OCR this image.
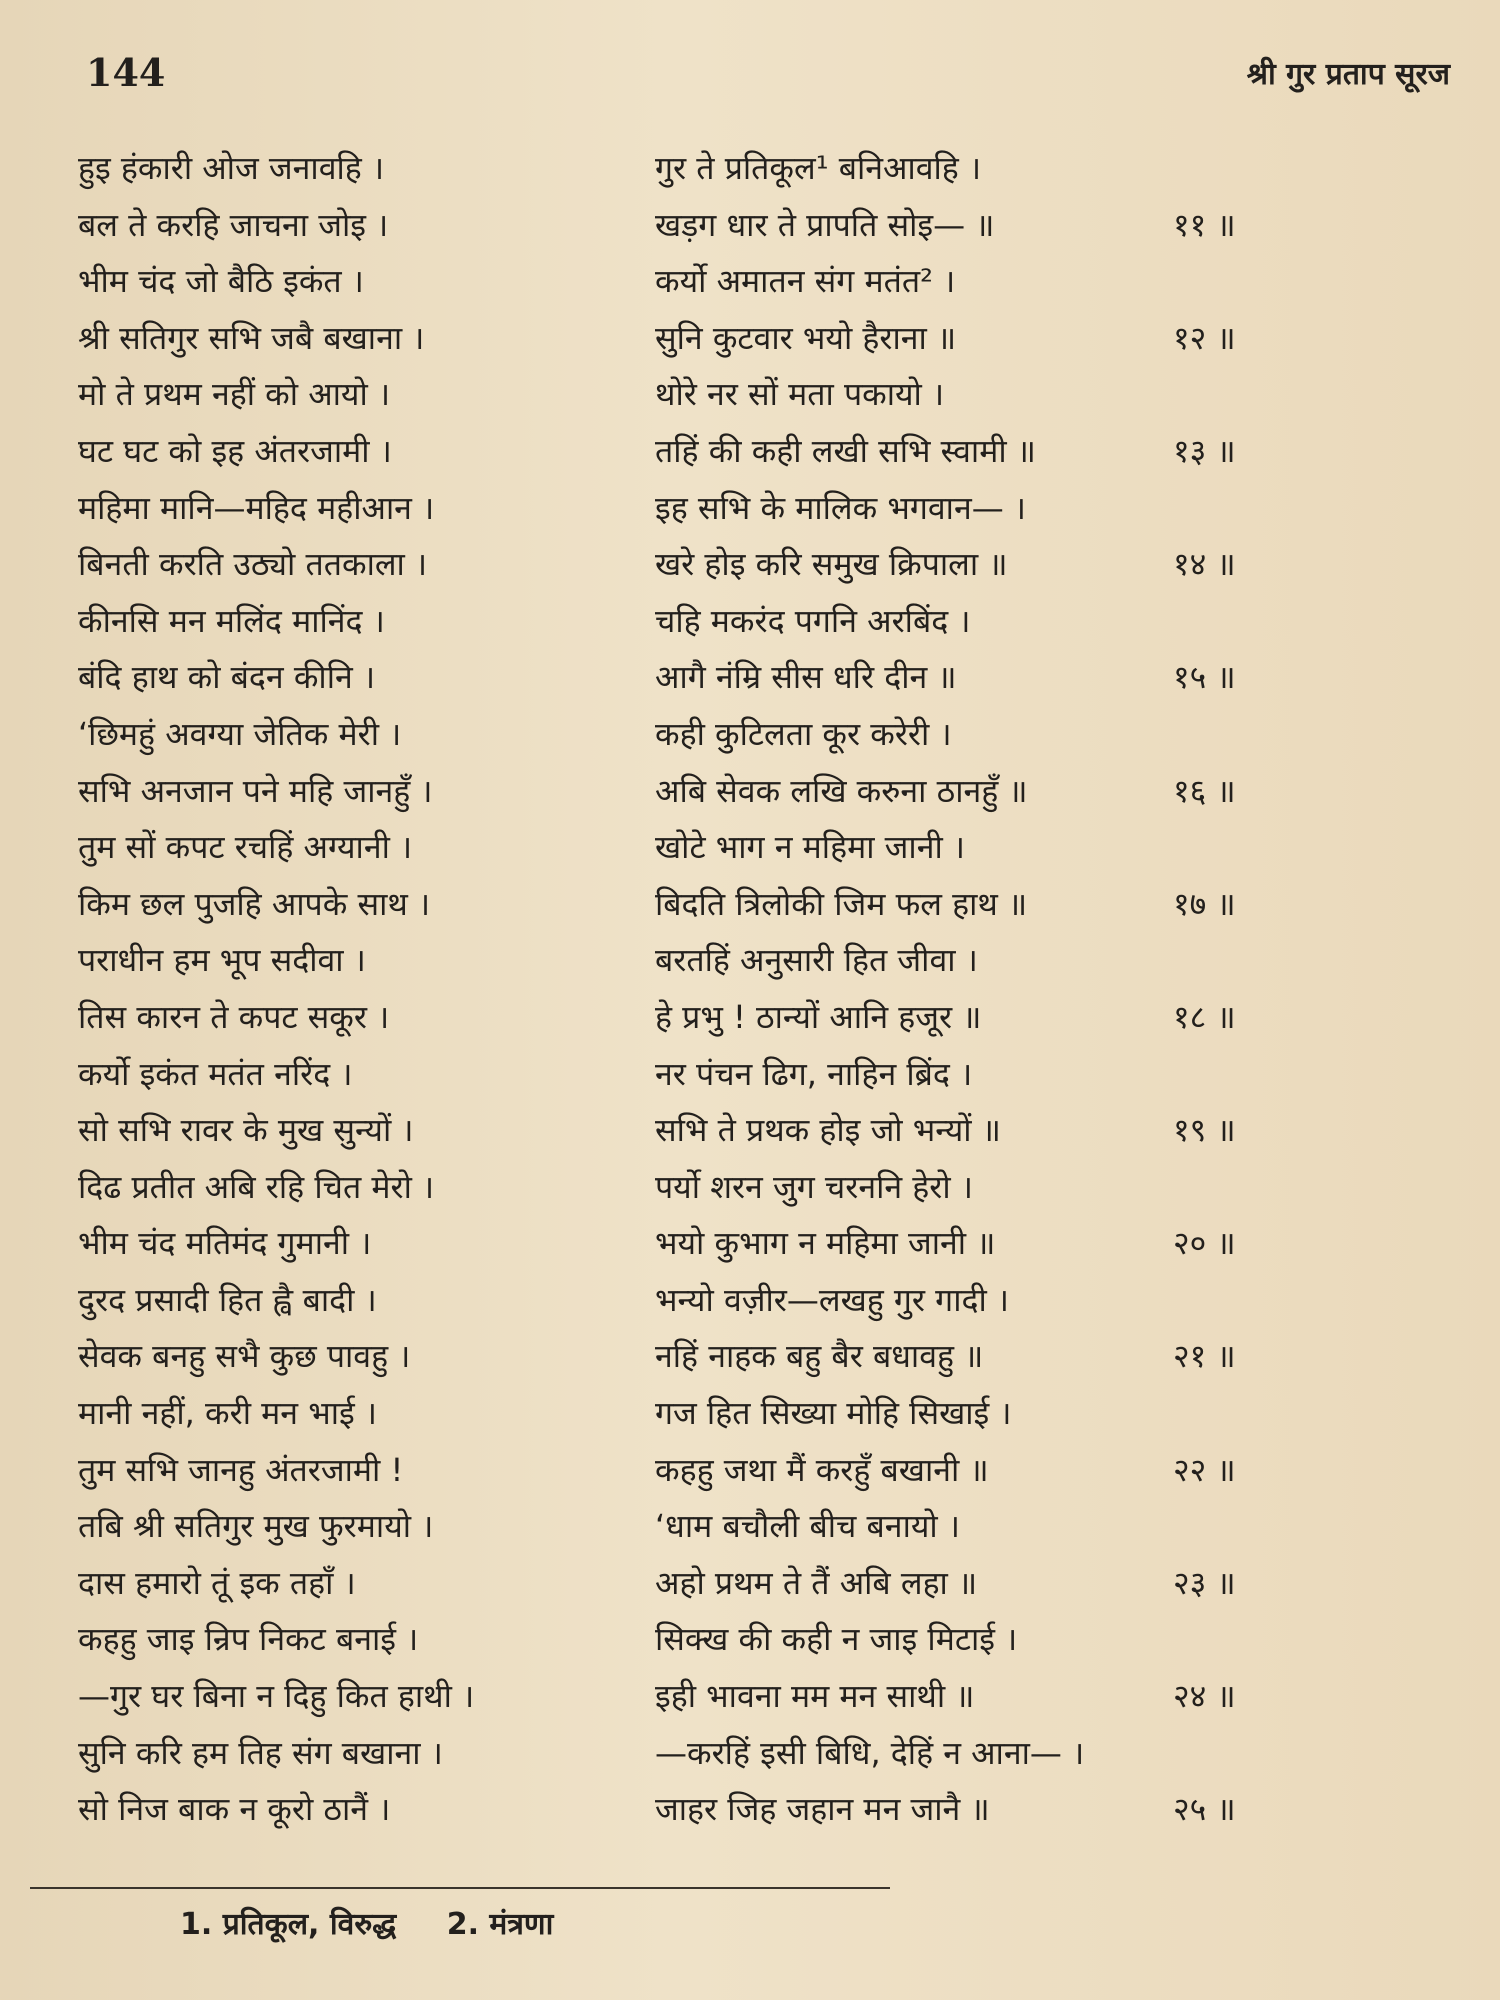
144	श्री गुर प्रताप सूरज
हुइ हंकारी ओज जनावहि ।	गुर ते प्रतिकूल¹ बनिआवहि ।
बल ते करहि जाचना जोइ ।	खड़ग धार ते प्रापति सोइ— ॥	११ ॥
भीम चंद जो बैठि इकंत ।	कर्यो अमातन संग मतंत² ।
श्री सतिगुर सभि जबै बखाना ।	सुनि कुटवार भयो हैराना ॥	१२ ॥
मो ते प्रथम नहीं को आयो ।	थोरे नर सों मता पकायो ।
घट घट को इह अंतरजामी ।	तहिं की कही लखी सभि स्वामी ॥	१३ ॥
महिमा मानि—महिद महीआन ।	इह सभि के मालिक भगवान— ।
बिनती करति उठ्यो ततकाला ।	खरे होइ करि समुख क्रिपाला ॥	१४ ॥
कीनसि मन मलिंद मानिंद ।	चहि मकरंद पगनि अरबिंद ।
बंदि हाथ को बंदन कीनि ।	आगै नंम्रि सीस धरि दीन ॥	१५ ॥
‘छिमहुं अवग्या जेतिक मेरी ।	कही कुटिलता कूर करेरी ।
सभि अनजान पने महि जानहुँ ।	अबि सेवक लखि करुना ठानहुँ ॥	१६ ॥
तुम सों कपट रचहिं अग्यानी ।	खोटे भाग न महिमा जानी ।
किम छल पुजहि आपके साथ ।	बिदति त्रिलोकी जिम फल हाथ ॥	१७ ॥
पराधीन हम भूप सदीवा ।	बरतहिं अनुसारी हित जीवा ।
तिस कारन ते कपट सकूर ।	हे प्रभु ! ठान्यों आनि हजूर ॥	१८ ॥
कर्यो इकंत मतंत नरिंद ।	नर पंचन ढिग, नाहिन ब्रिंद ।
सो सभि रावर के मुख सुन्यों ।	सभि ते प्रथक होइ जो भन्यों ॥	१९ ॥
दिढ प्रतीत अबि रहि चित मेरो ।	पर्यो शरन जुग चरननि हेरो ।
भीम चंद मतिमंद गुमानी ।	भयो कुभाग न महिमा जानी ॥	२० ॥
दुरद प्रसादी हित ह्वै बादी ।	भन्यो वज़ीर—लखहु गुर गादी ।
सेवक बनहु सभै कुछ पावहु ।	नहिं नाहक बहु बैर बधावहु ॥	२१ ॥
मानी नहीं, करी मन भाई ।	गज हित सिख्या मोहि सिखाई ।
तुम सभि जानहु अंतरजामी !	कहहु जथा मैं करहुँ बखानी ॥	२२ ॥
तबि श्री सतिगुर मुख फुरमायो ।	‘धाम बचौली बीच बनायो ।
दास हमारो तूं इक तहाँ ।	अहो प्रथम ते तैं अबि लहा ॥	२३ ॥
कहहु जाइ न्रिप निकट बनाई ।	सिक्ख की कही न जाइ मिटाई ।
—गुर घर बिना न दिहु कित हाथी ।	इही भावना मम मन साथी ॥	२४ ॥
सुनि करि हम तिह संग बखाना ।	—करहिं इसी बिधि, देहिं न आना— ।
सो निज बाक न कूरो ठानैं ।	जाहर जिह जहान मन जानै ॥	२५ ॥
1. प्रतिकूल, विरुद्ध 2. मंत्रणा
